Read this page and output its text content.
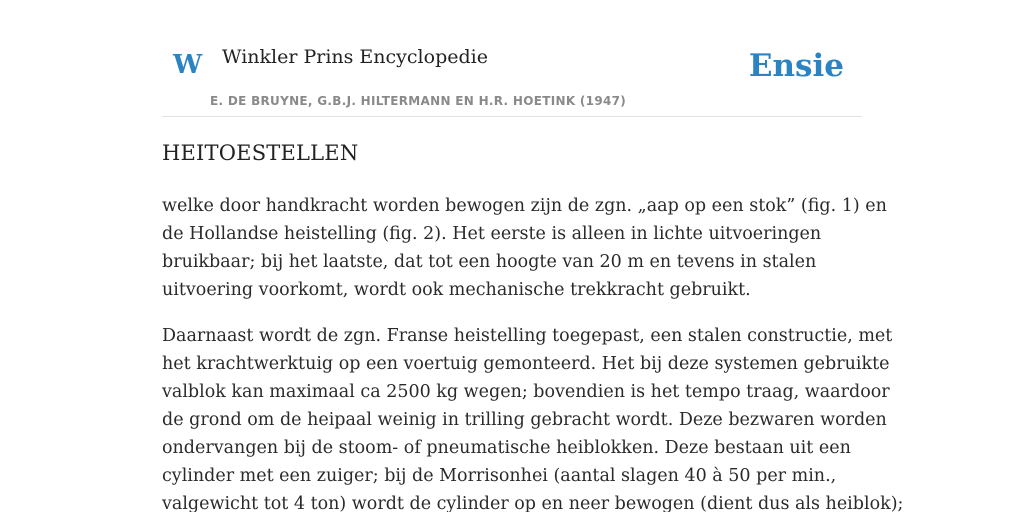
W Winkler Prins Encyclopedie
E. DE BRUYNE, G.B.J. HILTERMANN EN H.R. HOETINK (1947)
Ensie
HEITOESTELLEN

welke door handkracht worden bewogen zijn de zgn. „aap op een stok” (fig. 1) en
de Hollandse heistelling (fig. 2). Het eerste is alleen in lichte uitvoeringen
bruikbaar; bij het laatste, dat tot een hoogte van 20 m en tevens in stalen
uitvoering voorkomt, wordt ook mechanische trekkracht gebruikt.

Daarnaast wordt de zgn. Franse heistelling toegepast, een stalen constructie, met
het krachtwerktuig op een voertuig gemonteerd. Het bij deze systemen gebruikte
valblok kan maximaal ca 2500 kg wegen; bovendien is het tempo traag, waardoor
de grond om de heipaal weinig in trilling gebracht wordt. Deze bezwaren worden
ondervangen bij de stoom- of pneumatische heiblokken. Deze bestaan uit een
cylinder met een zuiger; bij de Morrisonhei (aantal slagen 40 à 50 per min.,
valgewicht tot 4 ton) wordt de cylinder op en neer bewogen (dient dus als heiblok);
